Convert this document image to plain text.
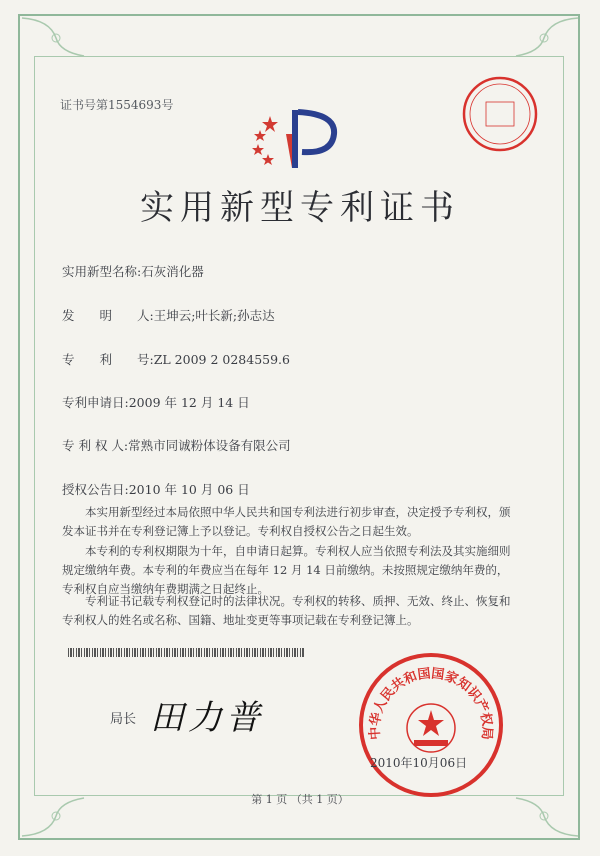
证书号第1554693号
实用新型专利证书
实用新型名称:石灰消化器
发　　明　　人:王坤云;叶长新;孙志达
专　　利　　号:ZL 2009 2 0284559.6
专利申请日:2009 年 12 月 14 日
专 利 权 人:常熟市同诚粉体设备有限公司
授权公告日:2010 年 10 月 06 日
本实用新型经过本局依照中华人民共和国专利法进行初步审查，决定授予专利权，颁发本证书并在专利登记簿上予以登记。专利权自授权公告之日起生效。
本专利的专利权期限为十年，自申请日起算。专利权人应当依照专利法及其实施细则规定缴纳年费。本专利的年费应当在每年 12 月 14 日前缴纳。未按照规定缴纳年费的，专利权自应当缴纳年费期满之日起终止。
专利证书记载专利权登记时的法律状况。专利权的转移、质押、无效、终止、恢复和专利权人的姓名或名称、国籍、地址变更等事项记载在专利登记簿上。
局长 田力普	中华人民共和国国家知识产权局
2010年10月06日
第 1 页 （共 1 页）
